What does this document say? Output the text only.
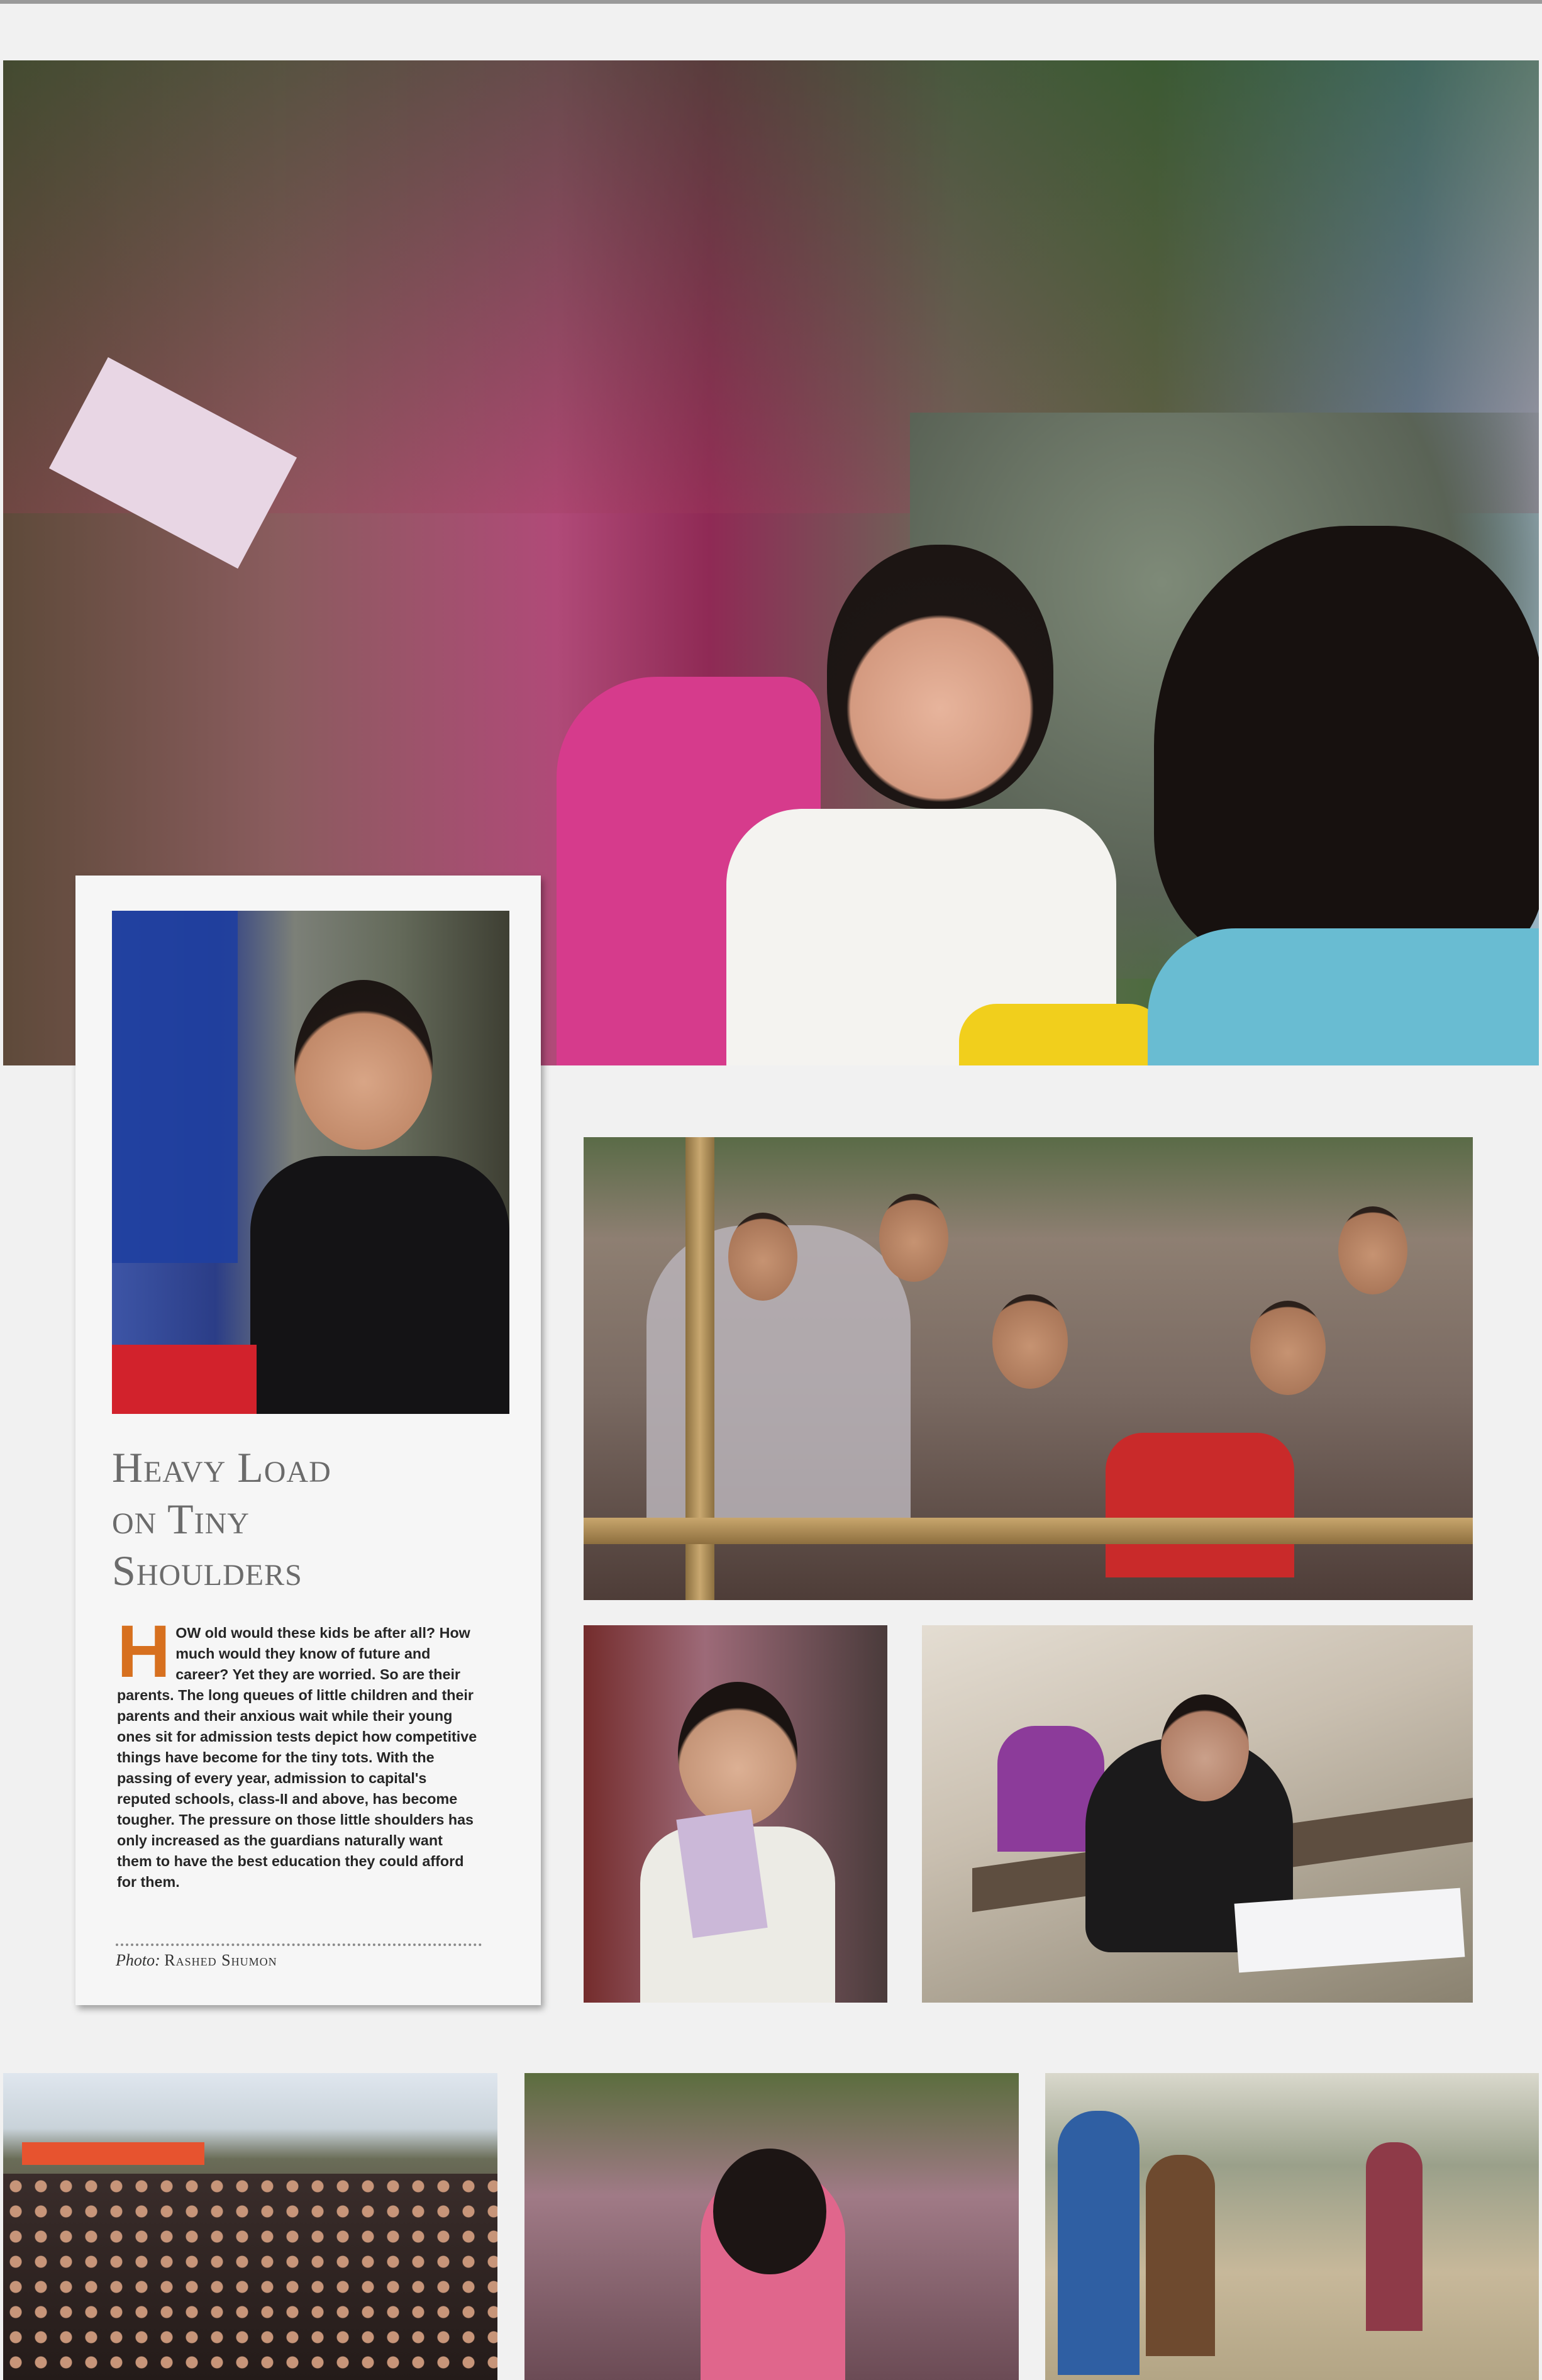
Heavy Load
on Tiny
Shoulders

HOW old would these kids be after all? How much would they know of future and career? Yet they are worried. So are their parents. The long queues of little children and their parents and their anxious wait while their young ones sit for admission tests depict how competitive things have become for the tiny tots. With the passing of every year, admission to capital's reputed schools, class-II and above, has become tougher. The pressure on those little shoulders has only increased as the guardians naturally want them to have the best education they could afford for them.

Photo: Rashed Shumon
